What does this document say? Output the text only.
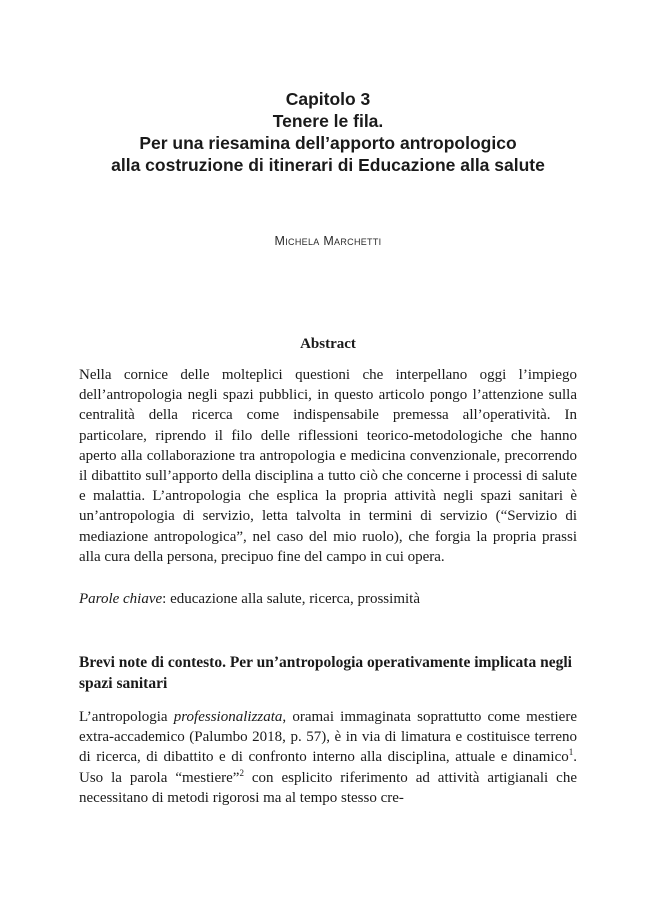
Capitolo 3
Tenere le fila.
Per una riesamina dell’apporto antropologico
alla costruzione di itinerari di Educazione alla salute
Michela Marchetti
Abstract

Nella cornice delle molteplici questioni che interpellano oggi l’impiego dell’antropologia negli spazi pubblici, in questo articolo pongo l’attenzione sulla centralità della ricerca come indispensabile premessa all’operatività. In particolare, riprendo il filo delle riflessioni teorico-metodologiche che hanno aperto alla collaborazione tra antropologia e medicina convenzionale, precorrendo il dibattito sull’apporto della disciplina a tutto ciò che concerne i processi di salute e malattia. L’antropologia che esplica la propria attività negli spazi sanitari è un’antropologia di servizio, letta talvolta in termini di servizio (“Servizio di mediazione antropologica”, nel caso del mio ruolo), che forgia la propria prassi alla cura della persona, precipuo fine del campo in cui opera.

Parole chiave: educazione alla salute, ricerca, prossimità
Brevi note di contesto. Per un’antropologia operativamente implicata negli spazi sanitari

L’antropologia professionalizzata, oramai immaginata soprattutto come mestiere extra-accademico (Palumbo 2018, p. 57), è in via di limatura e costituisce terreno di ricerca, di dibattito e di confronto interno alla disciplina, attuale e dinamico$^1$. Uso la parola “mestiere”$^2$ con esplicito riferimento ad attività artigianali che necessitano di metodi rigorosi ma al tempo stesso cre-
